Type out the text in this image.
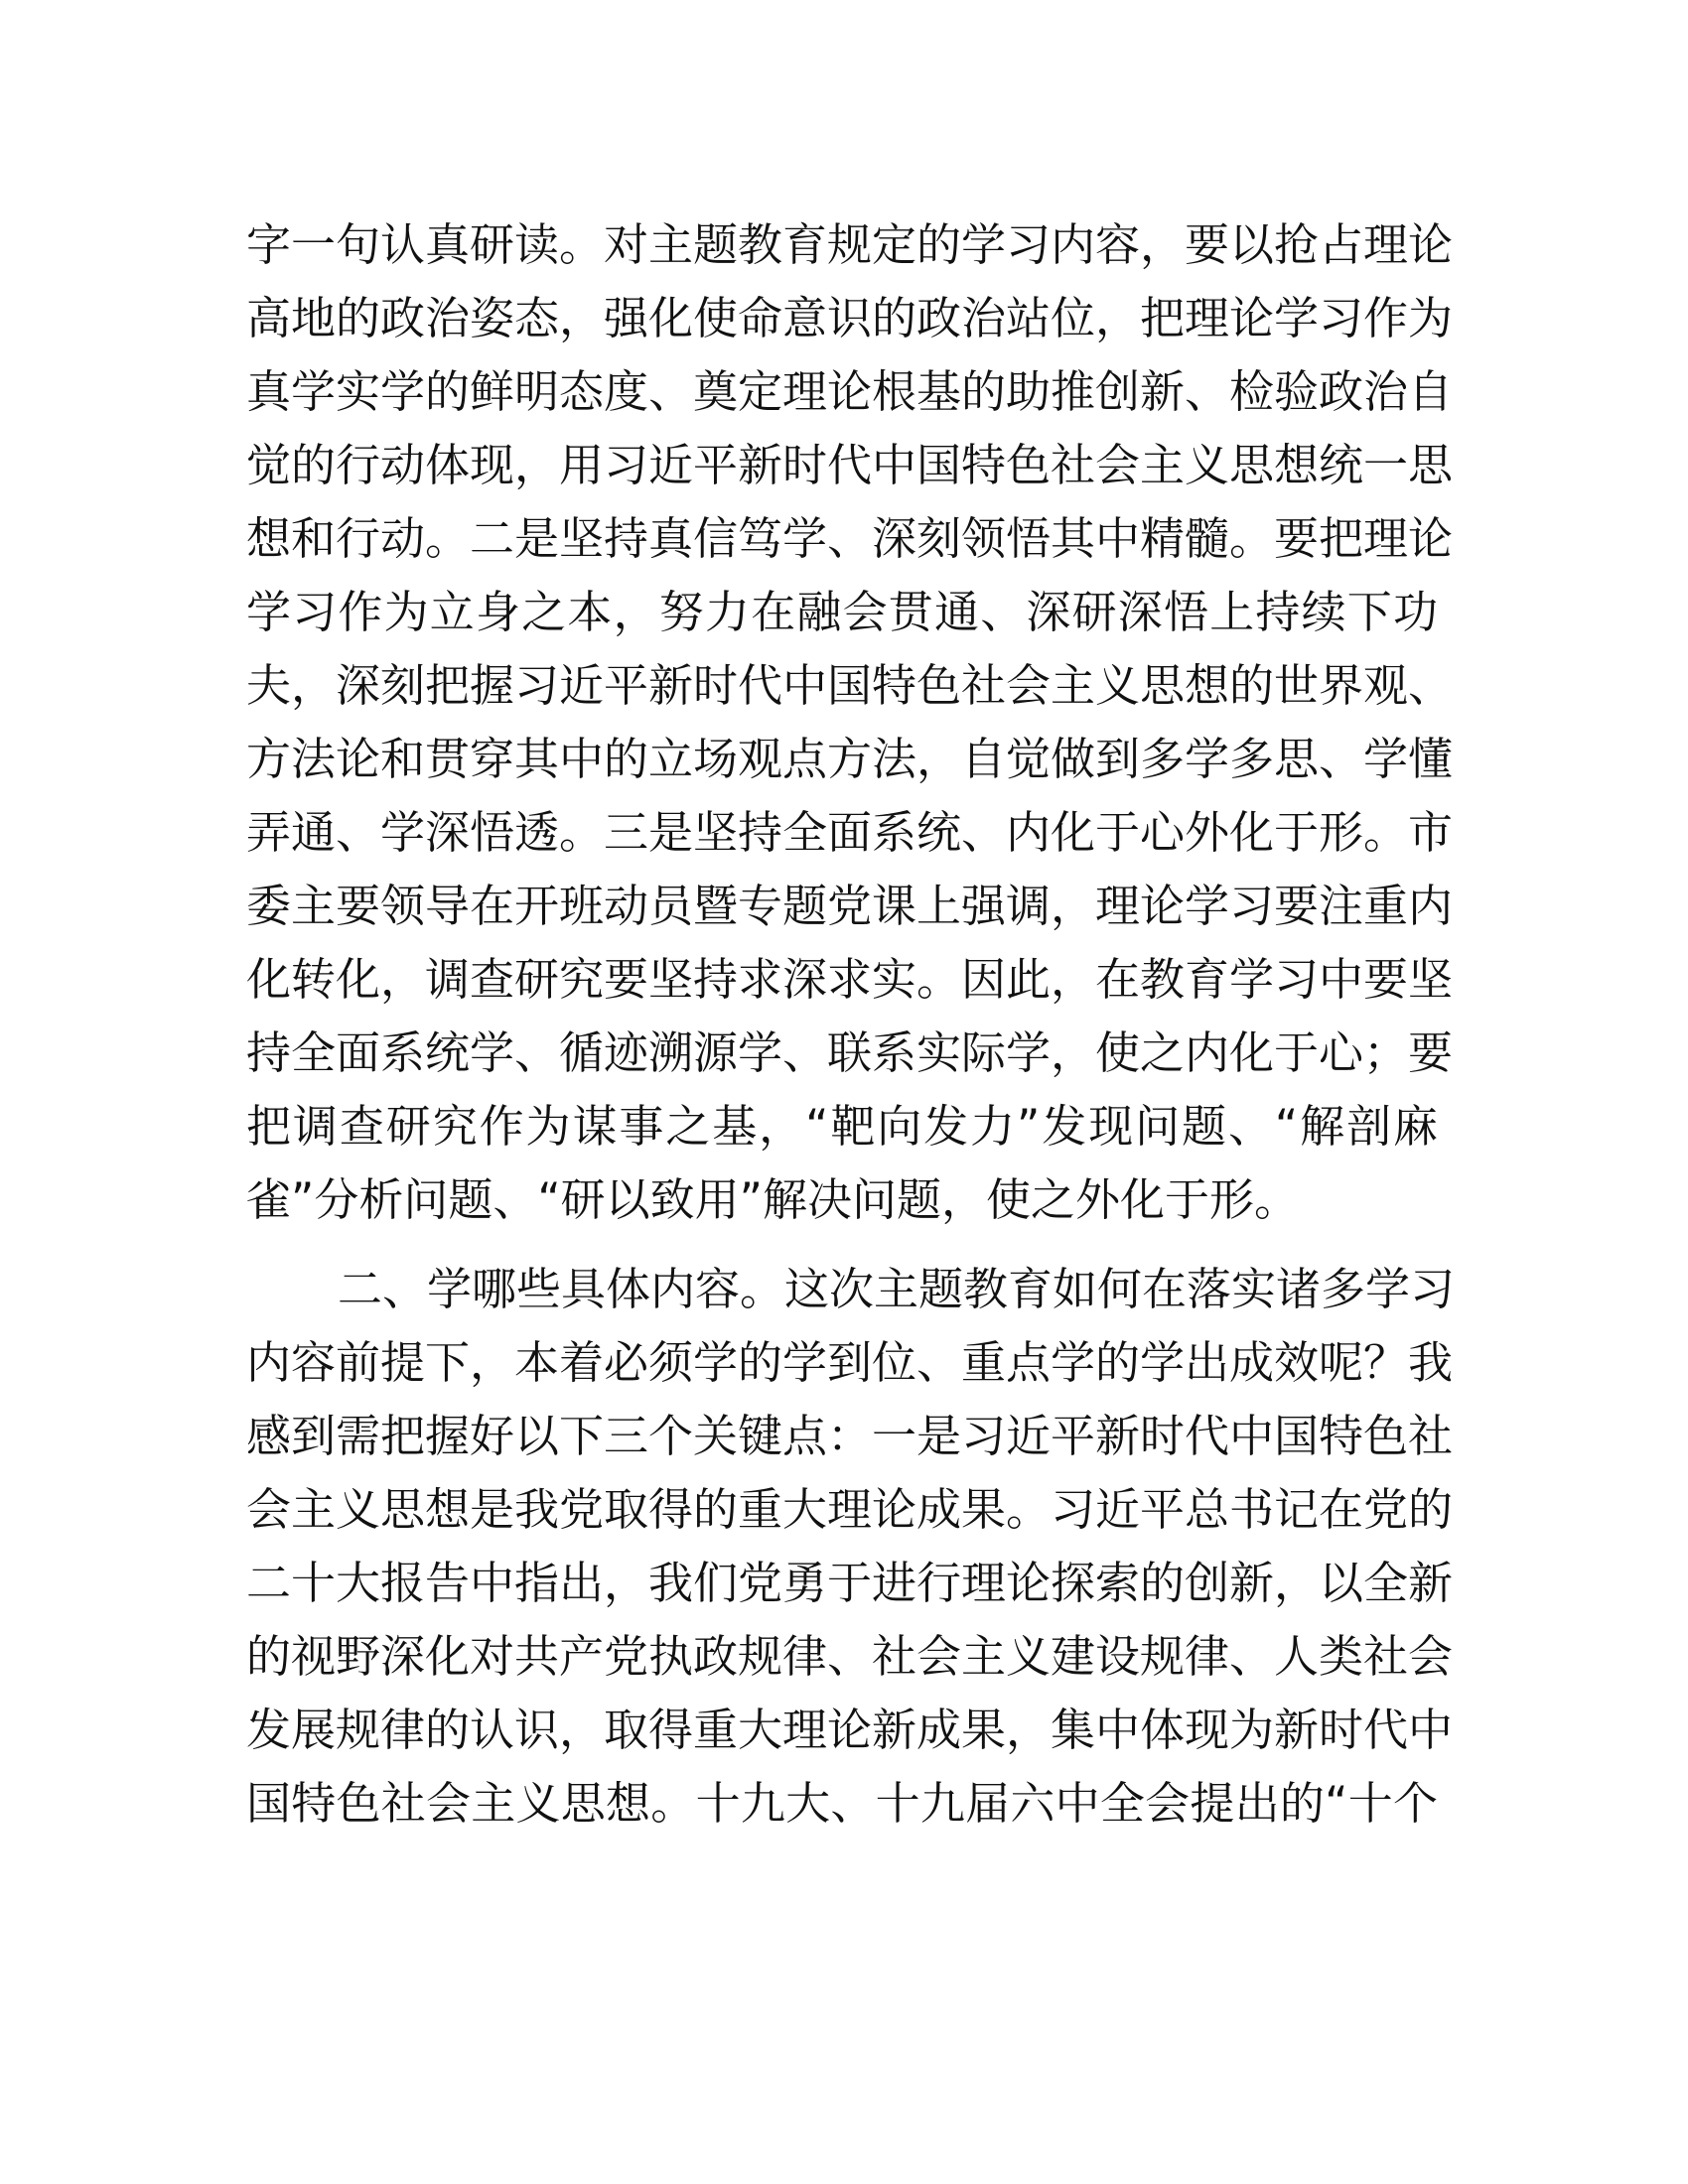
字一句认真研读。对主题教育规定的学习内容，要以抢占理论
高地的政治姿态，强化使命意识的政治站位，把理论学习作为
真学实学的鲜明态度、奠定理论根基的助推创新、检验政治自
觉的行动体现，用习近平新时代中国特色社会主义思想统一思
想和行动。二是坚持真信笃学、深刻领悟其中精髓。要把理论
学习作为立身之本，努力在融会贯通、深研深悟上持续下功
夫，深刻把握习近平新时代中国特色社会主义思想的世界观、
方法论和贯穿其中的立场观点方法，自觉做到多学多思、学懂
弄通、学深悟透。三是坚持全面系统、内化于心外化于形。市
委主要领导在开班动员暨专题党课上强调，理论学习要注重内
化转化，调查研究要坚持求深求实。因此，在教育学习中要坚
持全面系统学、循迹溯源学、联系实际学，使之内化于心；要
把调查研究作为谋事之基，“靶向发力”发现问题、“解剖麻
雀”分析问题、“研以致用”解决问题，使之外化于形。
二、学哪些具体内容。这次主题教育如何在落实诸多学习
内容前提下，本着必须学的学到位、重点学的学出成效呢？我
感到需把握好以下三个关键点：一是习近平新时代中国特色社
会主义思想是我党取得的重大理论成果。习近平总书记在党的
二十大报告中指出，我们党勇于进行理论探索的创新，以全新
的视野深化对共产党执政规律、社会主义建设规律、人类社会
发展规律的认识，取得重大理论新成果，集中体现为新时代中
国特色社会主义思想。十九大、十九届六中全会提出的“十个
